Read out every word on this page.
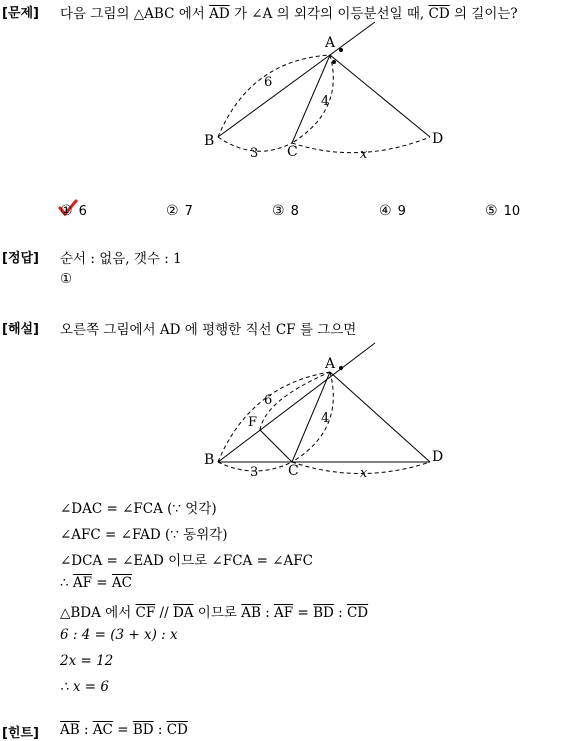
[문제] 다음 그림의 △ABC 에서 $\overline{AD}$ 가 ∠A 의 외각의 이등분선일 때, $\overline{CD}$ 의 길이는?
A
B
C
D
6
4
3	x
① 6	② 7	③ 8	④ 9	⑤ 10
[정답] 순서 : 없음, 갯수 : 1
①
[해설] 오른쪽 그림에서 AD 에 평행한 직선 CF 를 그으면
A
B
C
D
F
6
4
3	x
∠DAC = ∠FCA (∵ 엇각)
∠AFC = ∠FAD (∵ 동위각)
∠DCA = ∠EAD 이므로 ∠FCA = ∠AFC
∴ $\overline{AF} = \overline{AC}$
△BDA 에서 $\overline{CF} // \overline{DA}$ 이므로 $\overline{AB}$ : $\overline{AF} = \overline{BD}$ : $\overline{CD}$
6 : 4 = (3 + x) : x
2x = 12
∴ x = 6
[힌트] $\overline{AB}$ : $\overline{AC} = \overline{BD}$ : $\overline{CD}$
